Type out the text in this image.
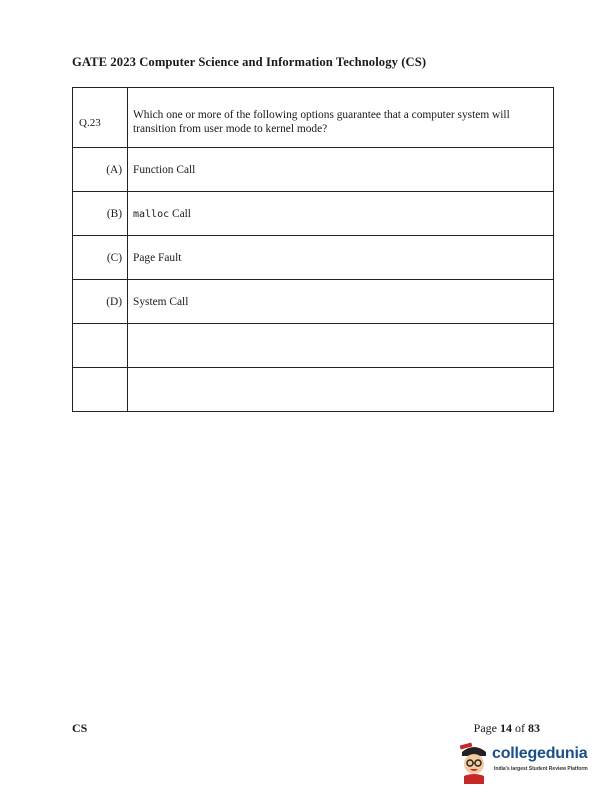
GATE 2023 Computer Science and Information Technology (CS)
Q.23	Which one or more of the following options guarantee that a computer system will transition from user mode to kernel mode?
(A)	Function Call
(B)	malloc Call
(C)	Page Fault
(D)	System Call

CS	Page 14 of 83
collegedunia
India's largest Student Review Platform
